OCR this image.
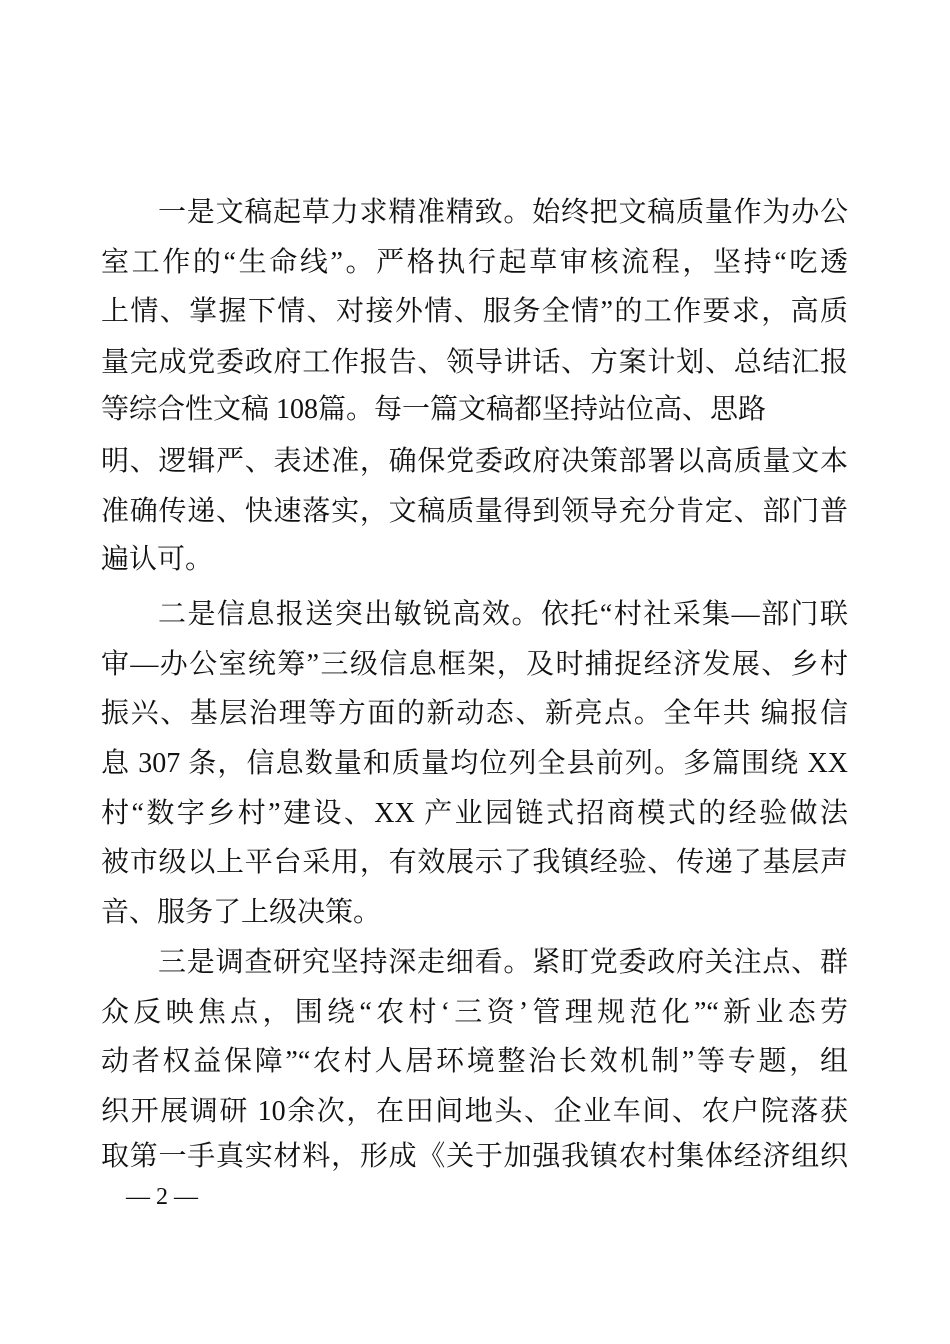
一是文稿起草力求精准精致。始终把文稿质量作为办公
室工作的“生命线”。严格执行起草审核流程，坚持“吃透
上情、掌握下情、对接外情、服务全情”的工作要求，高质
量完成党委政府工作报告、领导讲话、方案计划、总结汇报
等综合性文稿 108篇。每一篇文稿都坚持站位高、思路
明、逻辑严、表述准，确保党委政府决策部署以高质量文本
准确传递、快速落实，文稿质量得到领导充分肯定、部门普
遍认可。
二是信息报送突出敏锐高效。依托“村社采集—部门联
审—办公室统筹”三级信息框架，及时捕捉经济发展、乡村
振兴、基层治理等方面的新动态、新亮点。全年共 编报信
息 307 条，信息数量和质量均位列全县前列。多篇围绕 XX
村“数字乡村”建设、XX 产业园链式招商模式的经验做法
被市级以上平台采用，有效展示了我镇经验、传递了基层声
音、服务了上级决策。
三是调查研究坚持深走细看。紧盯党委政府关注点、群
众反映焦点，围绕“农村‘三资’管理规范化”“新业态劳
动者权益保障”“农村人居环境整治长效机制”等专题，组
织开展调研 10余次，在田间地头、企业车间、农户院落获
取第一手真实材料，形成《关于加强我镇农村集体经济组织
— 2 —
